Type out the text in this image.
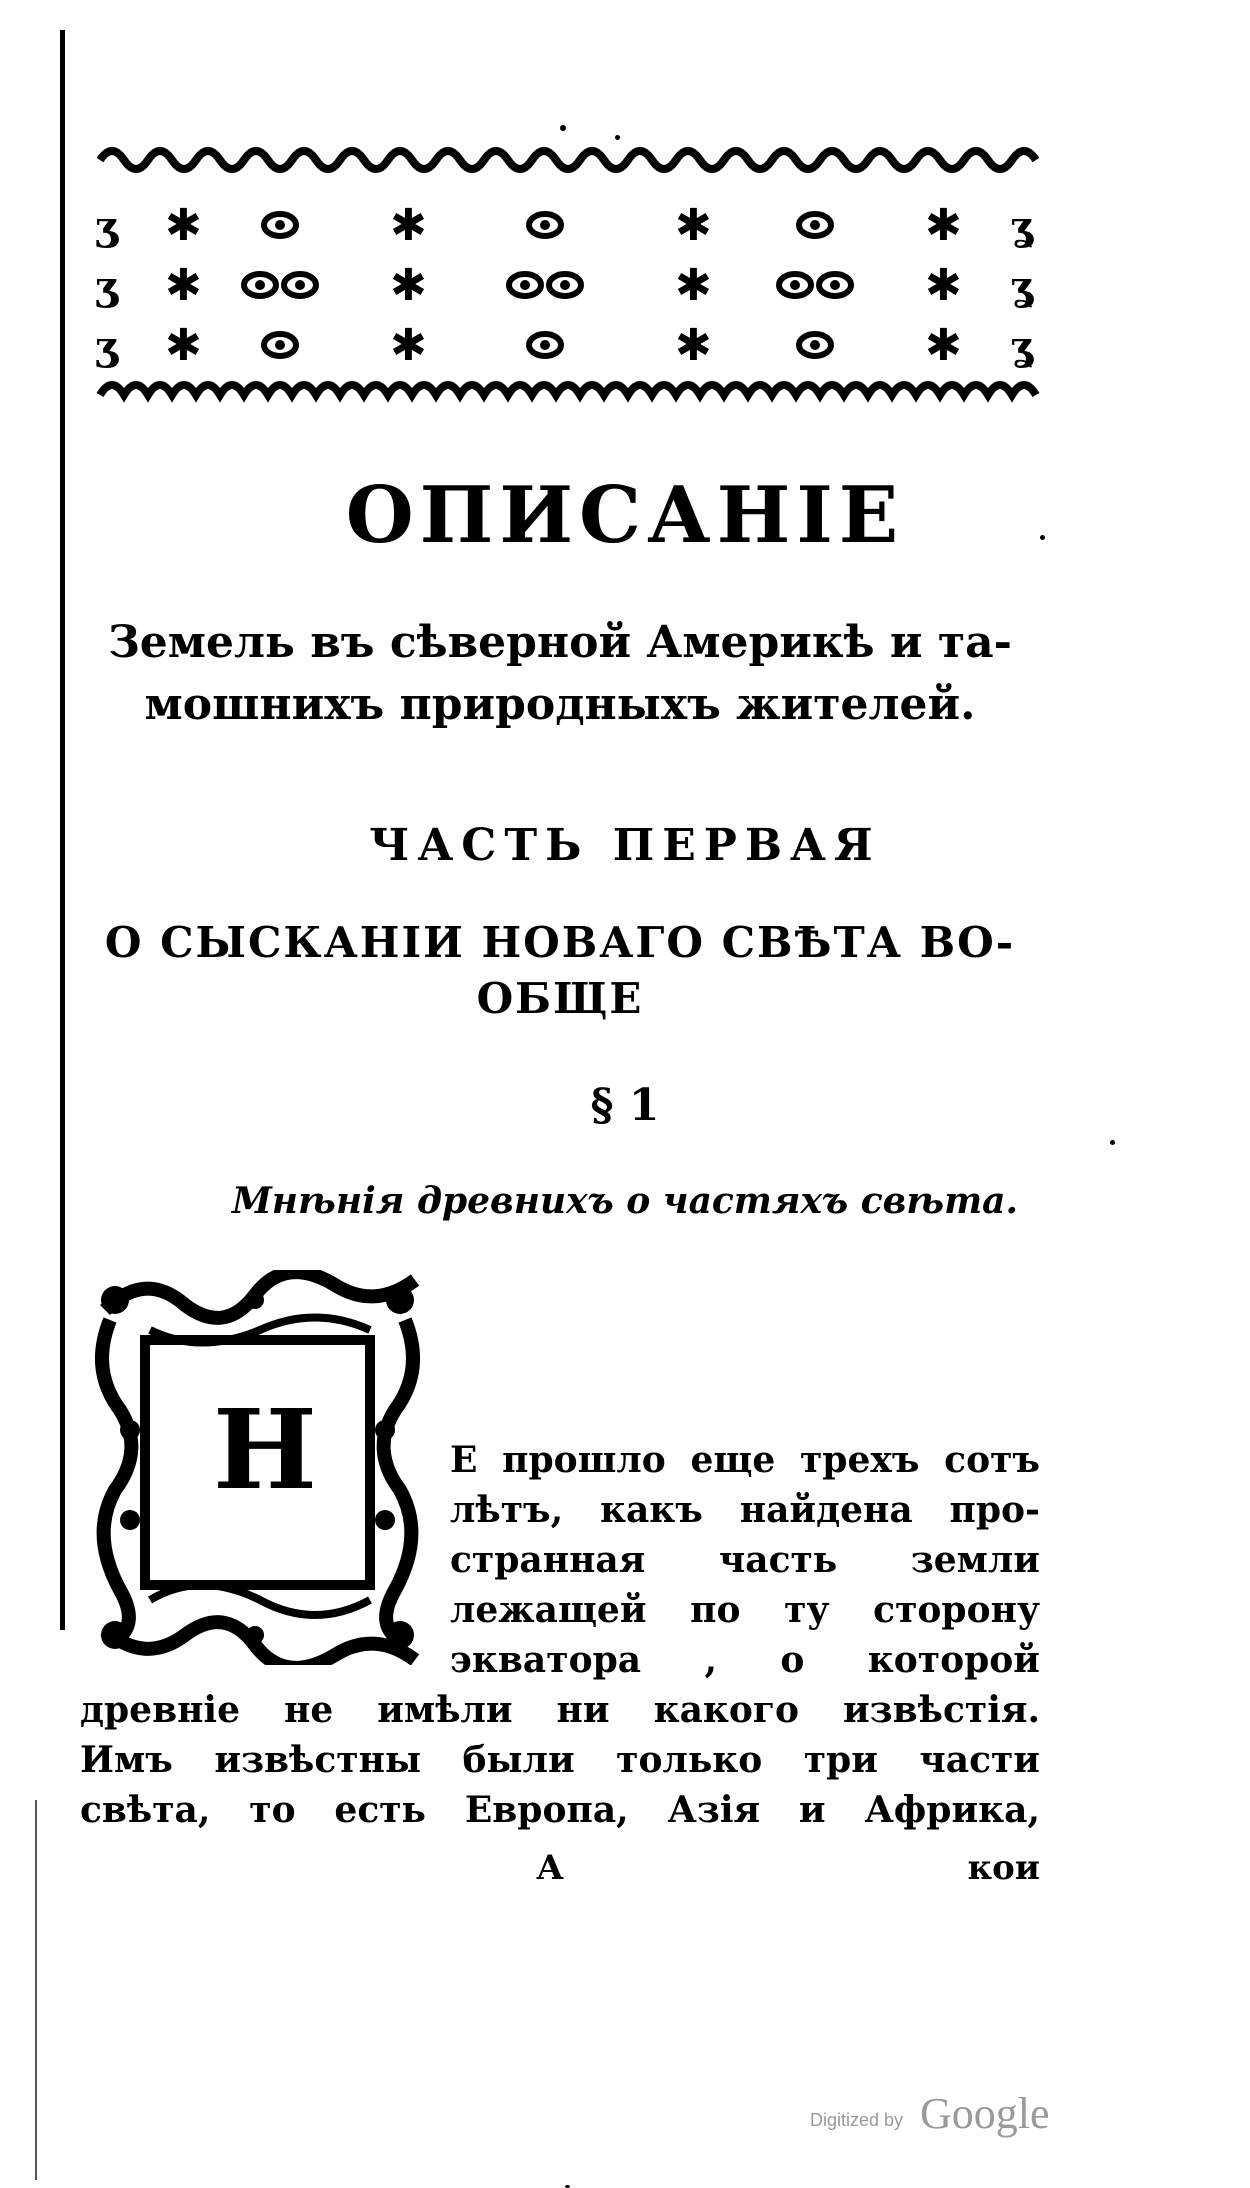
ʒ
ʒ
ʒ
ʓ
ʓ
ʓ
✱	✱	✱	✱
✱	✱	✱	✱
✱	✱	✱	✱
ОПИСАНІЕ
Земель въ сѣверной Америкѣ и та-
мошнихъ природныхъ жителей.
ЧАСТЬ ПЕРВАЯ
О СЫСКАНІИ НОВАГО СВѢТА ВО-
ОБЩЕ
§ 1
Мнѣнія древнихъ о частяхъ свѣта.
Н	Е прошло еще трехъ сотъ
лѣтъ, какъ найдена про-
странная часть земли
лежащей по ту сторону
экватора , о которой
древніе не имѣли ни какого извѣстія.
Имъ извѣстны были только три части
свѣта, то есть Европа, Азія и Африка,
А	кои
Digitized by Google
